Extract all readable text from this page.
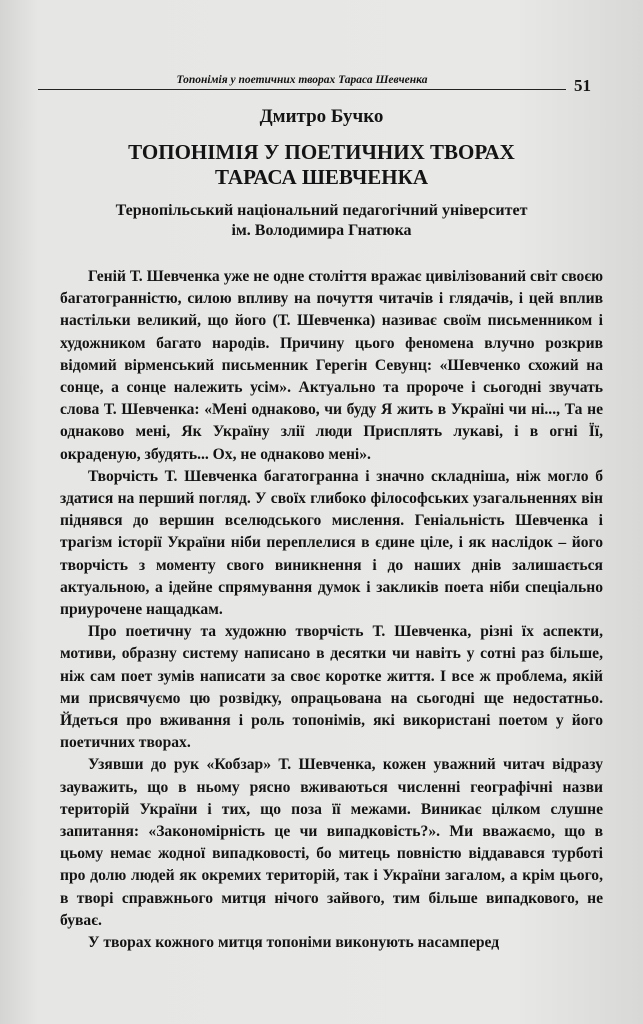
Топонімія у поетичних творах Тараса Шевченка	51
Дмитро Бучко
ТОПОНІМІЯ У ПОЕТИЧНИХ ТВОРАХ
ТАРАСА ШЕВЧЕНКА
Тернопільський національний педагогічний університет
ім. Володимира Гнатюка

Геній Т. Шевченка уже не одне століття вражає цивілізований світ своєю багатогранністю, силою впливу на почуття читачів і глядачів, і цей вплив настільки великий, що його (Т. Шевченка) називає своїм письменником і художником багато народів. Причину цього феномена влучно розкрив відомий вірменський письменник Герегін Севунц: «Шевченко схожий на сонце, а сонце належить усім». Актуально та пророче і сьогодні звучать слова Т. Шевченка: «Мені однаково, чи буду Я жить в Україні чи ні..., Та не однаково мені, Як Україну злії люди Присплять лукаві, і в огні Її, окраденую, збудять... Ох, не однаково мені».

Творчість Т. Шевченка багатогранна і значно складніша, ніж могло б здатися на перший погляд. У своїх глибоко філософських узагальненнях він піднявся до вершин вселюдського мислення. Геніальність Шевченка і трагізм історії України ніби переплелися в єдине ціле, і як наслідок – його творчість з моменту свого виникнення і до наших днів залишається актуальною, а ідейне спрямування думок і закликів поета ніби спеціально приурочене нащадкам.

Про поетичну та художню творчість Т. Шевченка, різні їх аспекти, мотиви, образну систему написано в десятки чи навіть у сотні раз більше, ніж сам поет зумів написати за своє коротке життя. І все ж проблема, якій ми присвячуємо цю розвідку, опрацьована на сьогодні ще недостатньо. Йдеться про вживання і роль топонімів, які використані поетом у його поетичних творах.

Узявши до рук «Кобзар» Т. Шевченка, кожен уважний читач відразу зауважить, що в ньому рясно вживаються численні географічні назви територій України і тих, що поза її межами. Виникає цілком слушне запитання: «Закономірність це чи випадковість?». Ми вважаємо, що в цьому немає жодної випадковості, бо митець повністю віддавався турботі про долю людей як окремих територій, так і України загалом, а крім цього, в творі справжнього митця нічого зайвого, тим більше випадкового, не буває.

У творах кожного митця топоніми виконують насамперед
